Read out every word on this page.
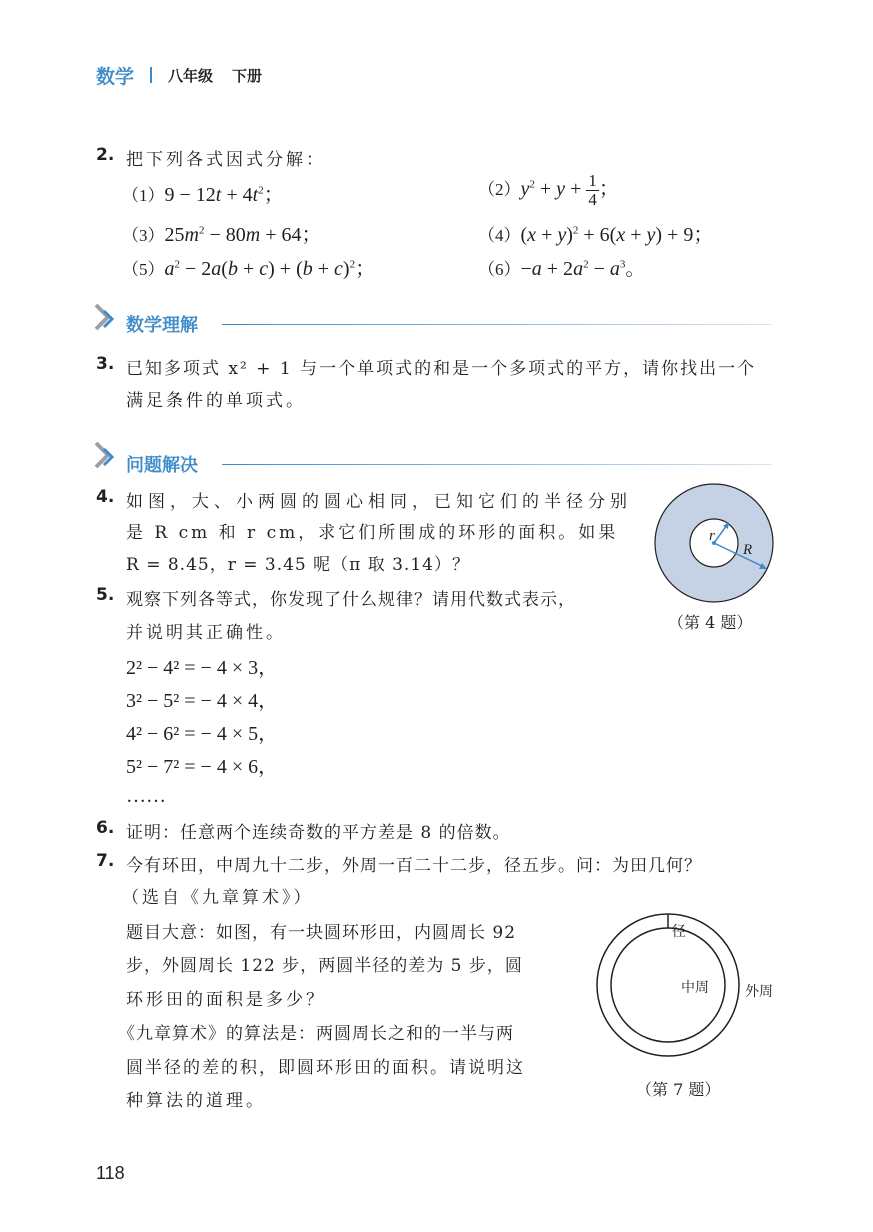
数学 八年级 下册
2. 把下列各式因式分解：
$(1)9 - 12t + 4t^2$；	$(2)y^2 + y + \frac{1}{4}$ ；
$(3)25m^2 - 80m + 64$；	$(4)(x + y)^2 + 6(x + y) + 9$；
$(5)a^2 - 2a(b + c) + (b + c)^2$；	$(6)-a + 2a^2 - a^3$。
数学理解
3. 已知多项式 x² + 1 与一个单项式的和是一个多项式的平方，请你找出一个
满足条件的单项式。
问题解决
4. 如图，大、小两圆的圆心相同，已知它们的半径分别
是 R cm 和 r cm，求它们所围成的环形的面积。如果
R = 8.45，r = 3.45 呢（π 取 3.14）？
r
R
（第 4 题）
5. 观察下列各等式，你发现了什么规律？请用代数式表示，
并说明其正确性。
2² − 4² = − 4 × 3，
3² − 5² = − 4 × 4，
4² − 6² = − 4 × 5，
5² − 7² = − 4 × 6，
……
6. 证明：任意两个连续奇数的平方差是 8 的倍数。
7. 今有环田，中周九十二步，外周一百二十二步，径五步。问：为田几何？
（选自《九章算术》）
题目大意：如图，有一块圆环形田，内圆周长 92
步，外圆周长 122 步，两圆半径的差为 5 步，圆
环形田的面积是多少？
《九章算术》的算法是：两圆周长之和的一半与两
圆半径的差的积，即圆环形田的面积。请说明这
种算法的道理。
径
中周	外周
（第 7 题）
118
